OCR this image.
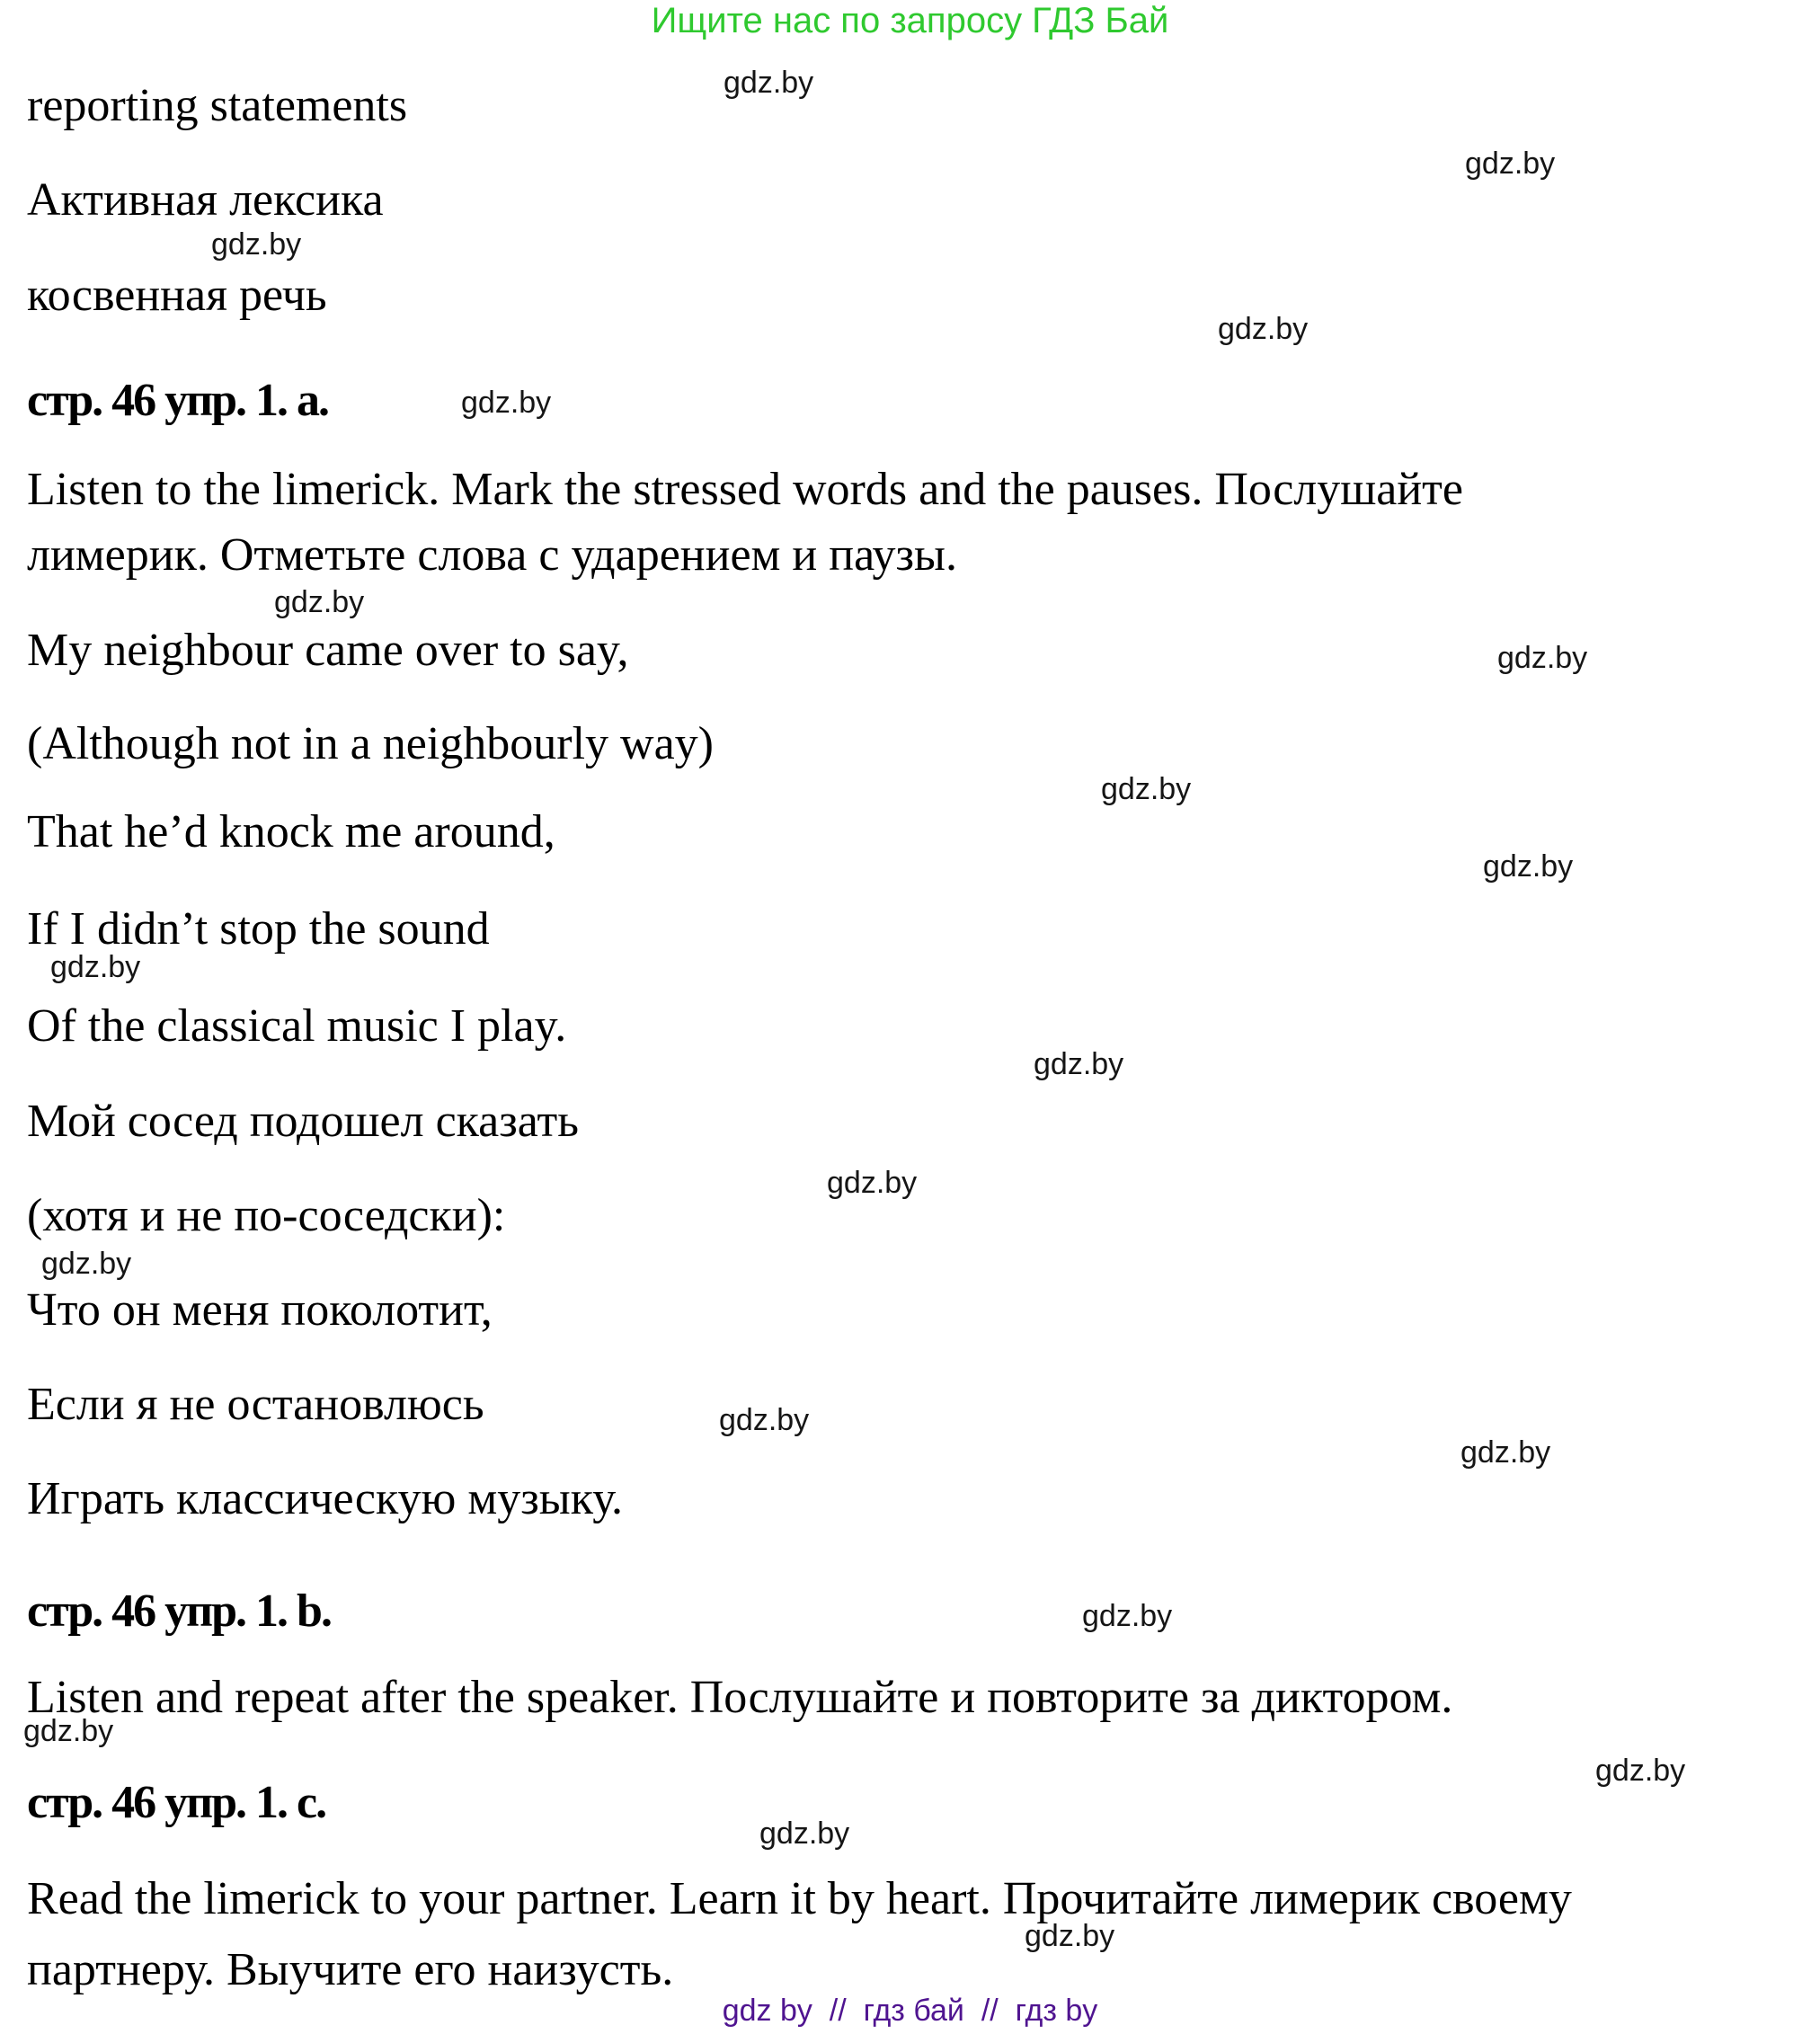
Ищите нас по запросу ГДЗ Бай
reporting statements
Активная лексика
косвенная речь
стр. 46 упр. 1. a.
Listen to the limerick. Mark the stressed words and the pauses. Послушайте
лимерик. Отметьте слова с ударением и паузы.
My neighbour came over to say,
(Although not in a neighbourly way)
That he’d knock me around,
If I didn’t stop the sound
Of the classical music I play.
Мой сосед подошел сказать
(хотя и не по-соседски):
Что он меня поколотит,
Если я не остановлюсь
Играть классическую музыку.
стр. 46 упр. 1. b.
Listen and repeat after the speaker. Послушайте и повторите за диктором.
стр. 46 упр. 1. c.
Read the limerick to your partner. Learn it by heart. Прочитайте лимерик своему
партнеру. Выучите его наизусть.
gdz by  //  гдз бай  //  гдз by
gdz.by
gdz.by
gdz.by
gdz.by
gdz.by
gdz.by
gdz.by
gdz.by
gdz.by
gdz.by
gdz.by
gdz.by
gdz.by
gdz.by
gdz.by
gdz.by
gdz.by
gdz.by
gdz.by
gdz.by
